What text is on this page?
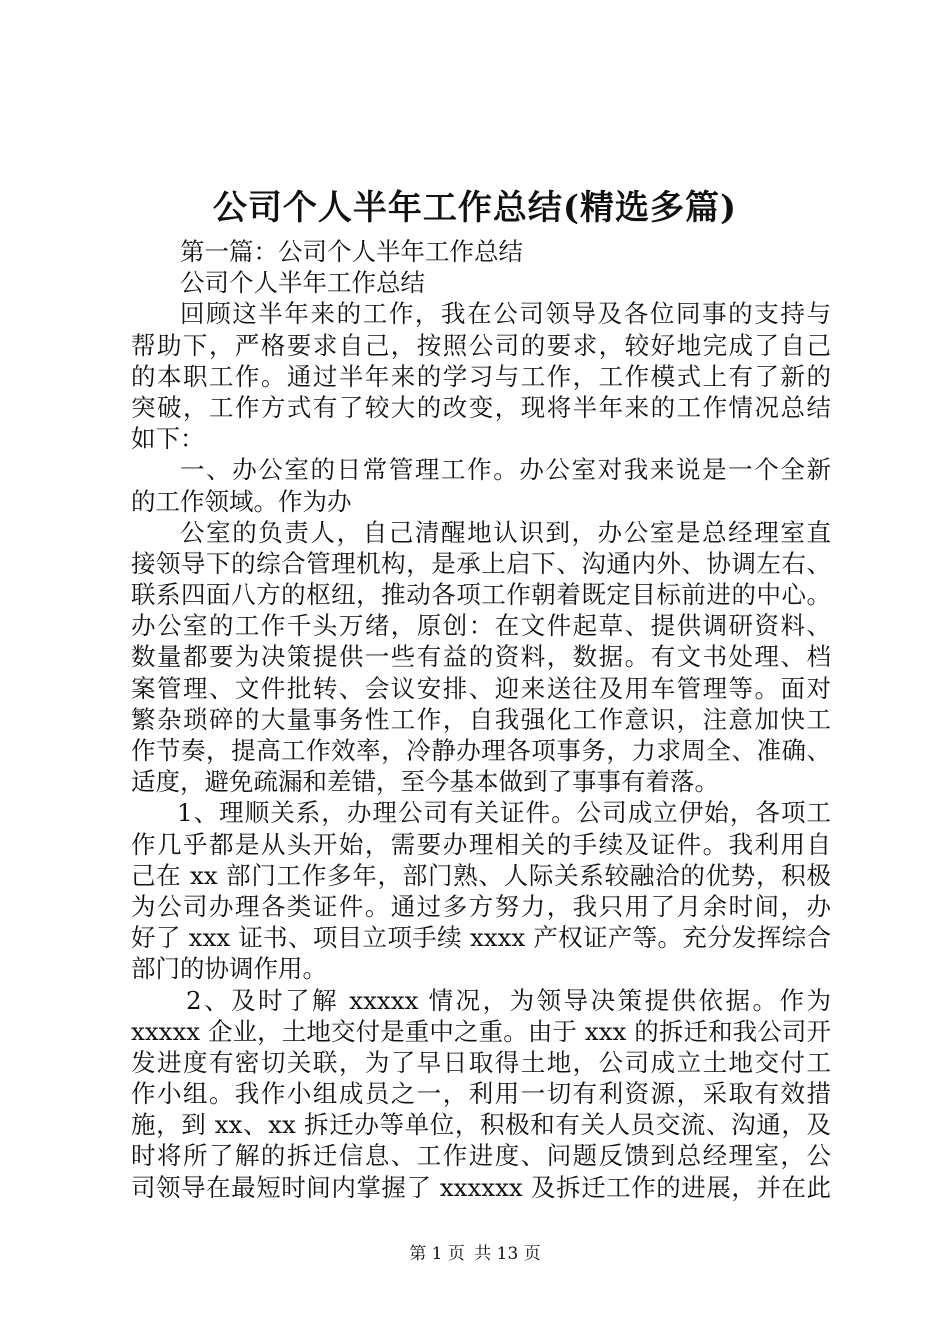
公司个人半年工作总结(精选多篇)
第一篇：公司个人半年工作总结
公司个人半年工作总结
回顾这半年来的工作，我在公司领导及各位同事的支持与
帮助下，严格要求自己，按照公司的要求，较好地完成了自己
的本职工作。通过半年来的学习与工作，工作模式上有了新的
突破，工作方式有了较大的改变，现将半年来的工作情况总结
如下：
一、办公室的日常管理工作。办公室对我来说是一个全新
的工作领域。作为办
公室的负责人，自己清醒地认识到，办公室是总经理室直
接领导下的综合管理机构，是承上启下、沟通内外、协调左右、
联系四面八方的枢纽，推动各项工作朝着既定目标前进的中心。
办公室的工作千头万绪，原创：在文件起草、提供调研资料、
数量都要为决策提供一些有益的资料，数据。有文书处理、档
案管理、文件批转、会议安排、迎来送往及用车管理等。面对
繁杂琐碎的大量事务性工作，自我强化工作意识，注意加快工
作节奏，提高工作效率，冷静办理各项事务，力求周全、准确、
适度，避免疏漏和差错，至今基本做到了事事有着落。
1、理顺关系，办理公司有关证件。公司成立伊始，各项工
作几乎都是从头开始，需要办理相关的手续及证件。我利用自
己在 xx 部门工作多年，部门熟、人际关系较融洽的优势，积极
为公司办理各类证件。通过多方努力，我只用了月余时间，办
好了 xxx 证书、项目立项手续 xxxx 产权证产等。充分发挥综合
部门的协调作用。
2、及时了解 xxxxx 情况，为领导决策提供依据。作为
xxxxx 企业，土地交付是重中之重。由于 xxx 的拆迁和我公司开
发进度有密切关联，为了早日取得土地，公司成立土地交付工
作小组。我作小组成员之一，利用一切有利资源，采取有效措
施，到 xx、xx 拆迁办等单位，积极和有关人员交流、沟通，及
时将所了解的拆迁信息、工作进度、问题反馈到总经理室，公
司领导在最短时间内掌握了 xxxxxx 及拆迁工作的进展，并在此
第 1 页 共 13 页
